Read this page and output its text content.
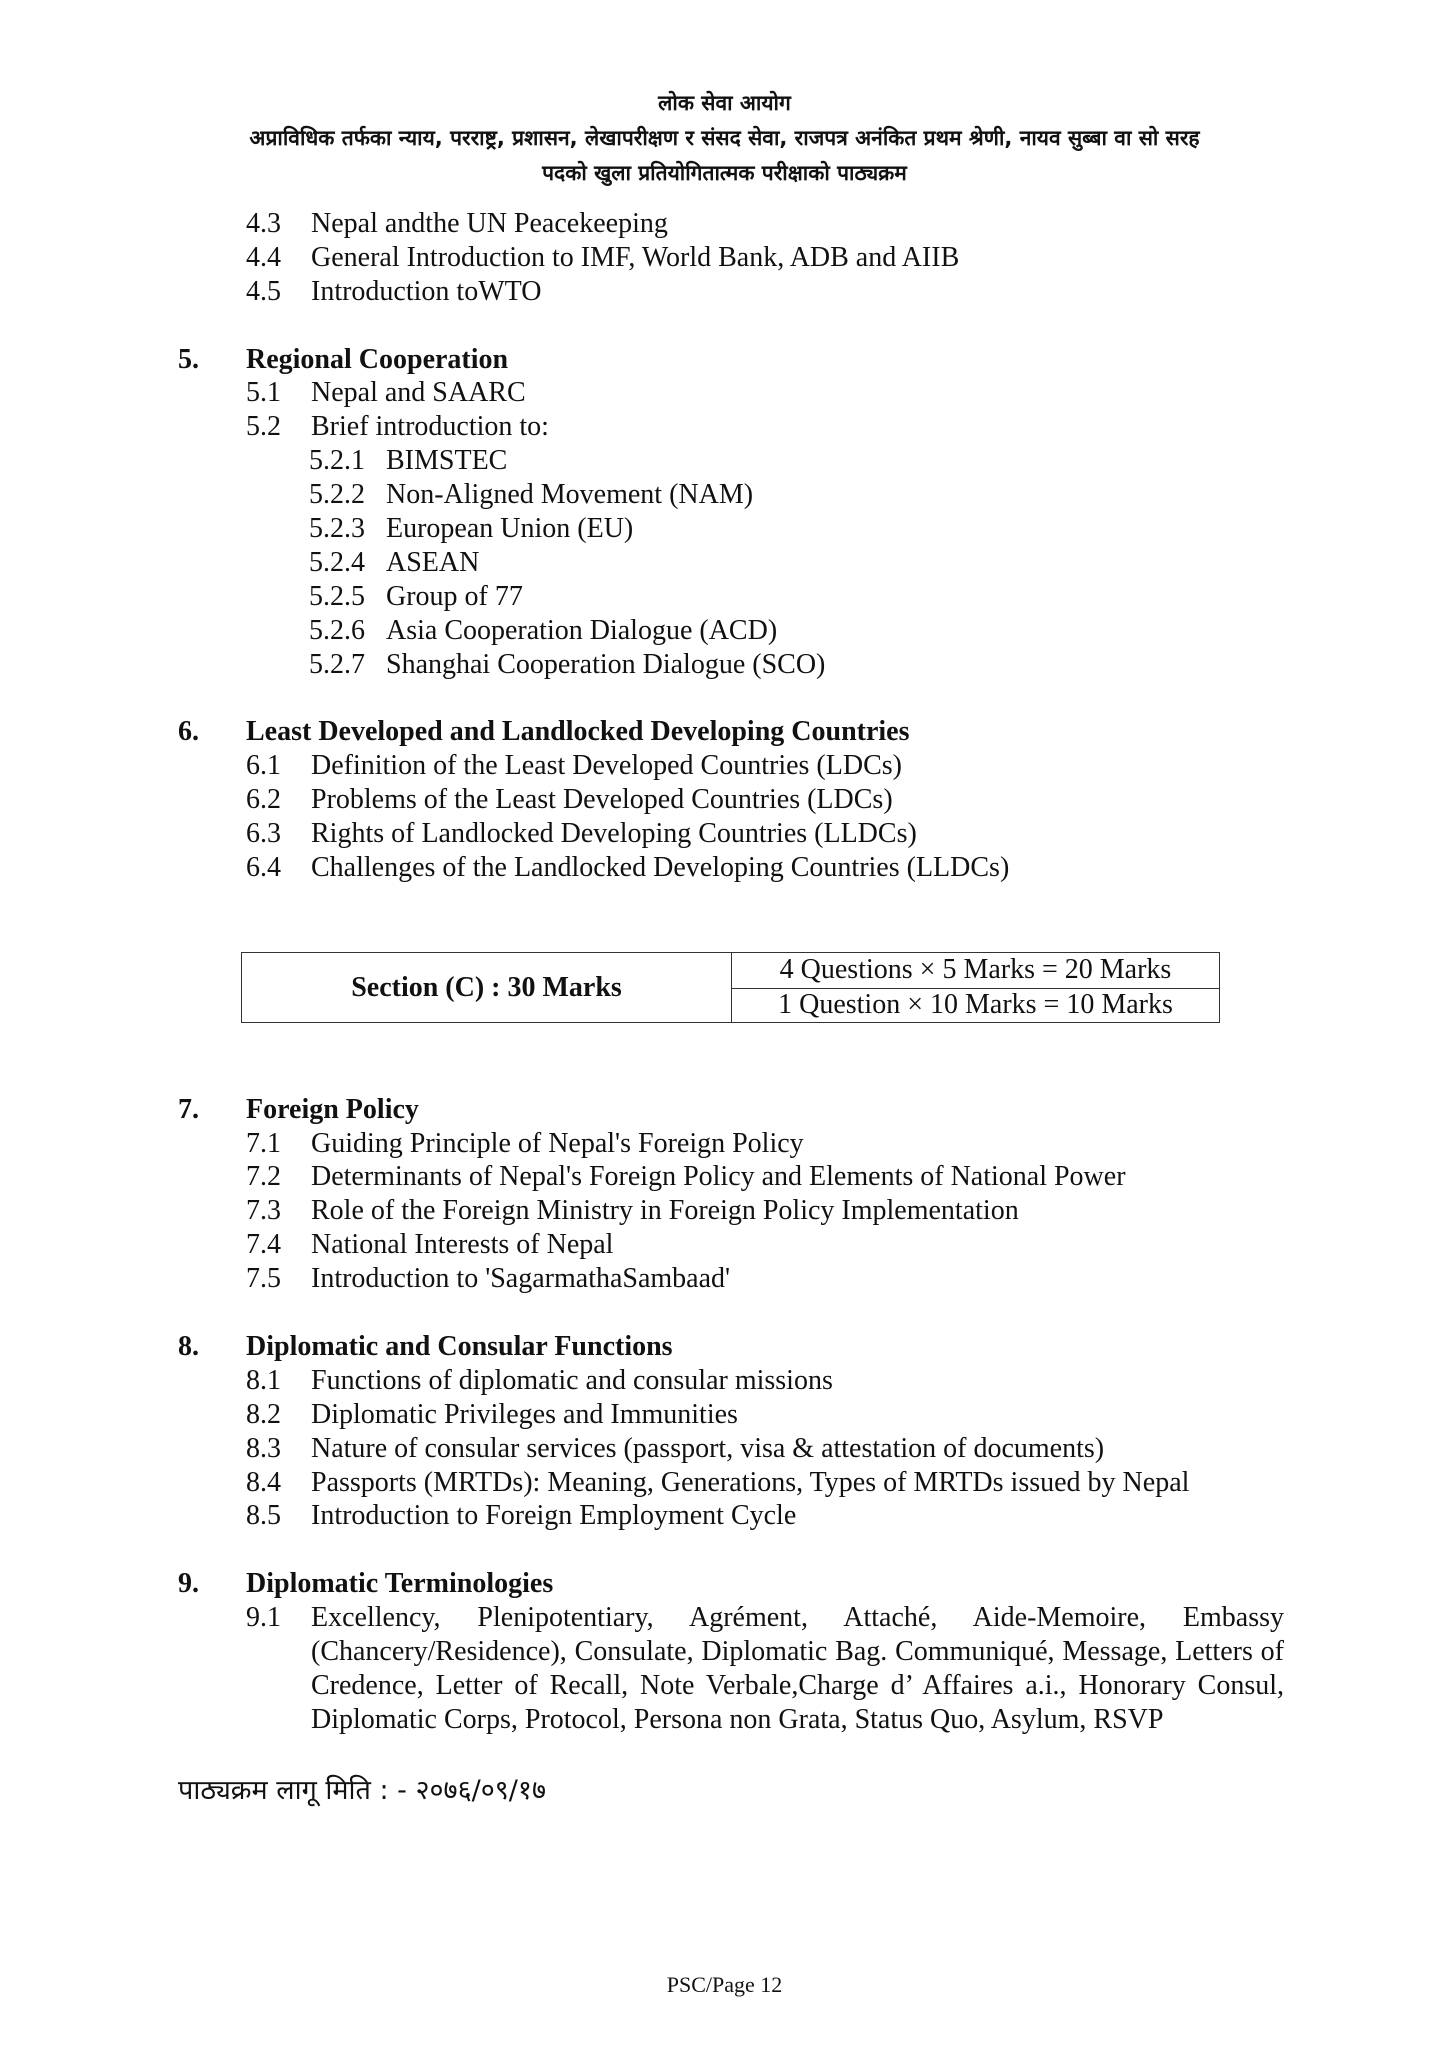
लोक सेवा आयोग
अप्राविधिक तर्फका न्याय, परराष्ट्र, प्रशासन, लेखापरीक्षण र संसद सेवा, राजपत्र अनंकित प्रथम श्रेणी, नायव सुब्बा वा सो सरह
पदको खुला प्रतियोगितात्मक परीक्षाको पाठ्यक्रम
4.3 Nepal andthe UN Peacekeeping
4.4 General Introduction to IMF, World Bank, ADB and AIIB
4.5 Introduction toWTO
5. Regional Cooperation
5.1 Nepal and SAARC
5.2 Brief introduction to:
5.2.1 BIMSTEC
5.2.2 Non-Aligned Movement (NAM)
5.2.3 European Union (EU)
5.2.4 ASEAN
5.2.5 Group of 77
5.2.6 Asia Cooperation Dialogue (ACD)
5.2.7 Shanghai Cooperation Dialogue (SCO)
6. Least Developed and Landlocked Developing Countries
6.1 Definition of the Least Developed Countries (LDCs)
6.2 Problems of the Least Developed Countries (LDCs)
6.3 Rights of Landlocked Developing Countries (LLDCs)
6.4 Challenges of the Landlocked Developing Countries (LLDCs)
7. Foreign Policy
7.1 Guiding Principle of Nepal's Foreign Policy
7.2 Determinants of Nepal's Foreign Policy and Elements of National Power
7.3 Role of the Foreign Ministry in Foreign Policy Implementation
7.4 National Interests of Nepal
7.5 Introduction to 'SagarmathaSambaad'
8. Diplomatic and Consular Functions
8.1 Functions of diplomatic and consular missions
8.2 Diplomatic Privileges and Immunities
8.3 Nature of consular services (passport, visa & attestation of documents)
8.4 Passports (MRTDs): Meaning, Generations, Types of MRTDs issued by Nepal
8.5 Introduction to Foreign Employment Cycle
9. Diplomatic Terminologies
9.1 Excellency, Plenipotentiary, Agrément, Attaché, Aide-Memoire, Embassy (Chancery/Residence), Consulate, Diplomatic Bag. Communiqué, Message, Letters of Credence, Letter of Recall, Note Verbale,Charge d’ Affaires a.i., Honorary Consul, Diplomatic Corps, Protocol, Persona non Grata, Status Quo, Asylum, RSVP
Section (C) : 30 Marks
4 Questions × 5 Marks = 20 Marks
1 Question × 10 Marks = 10 Marks
पाठ्यक्रम लागू मिति : - २०७६/०९/१७
PSC/Page 12
